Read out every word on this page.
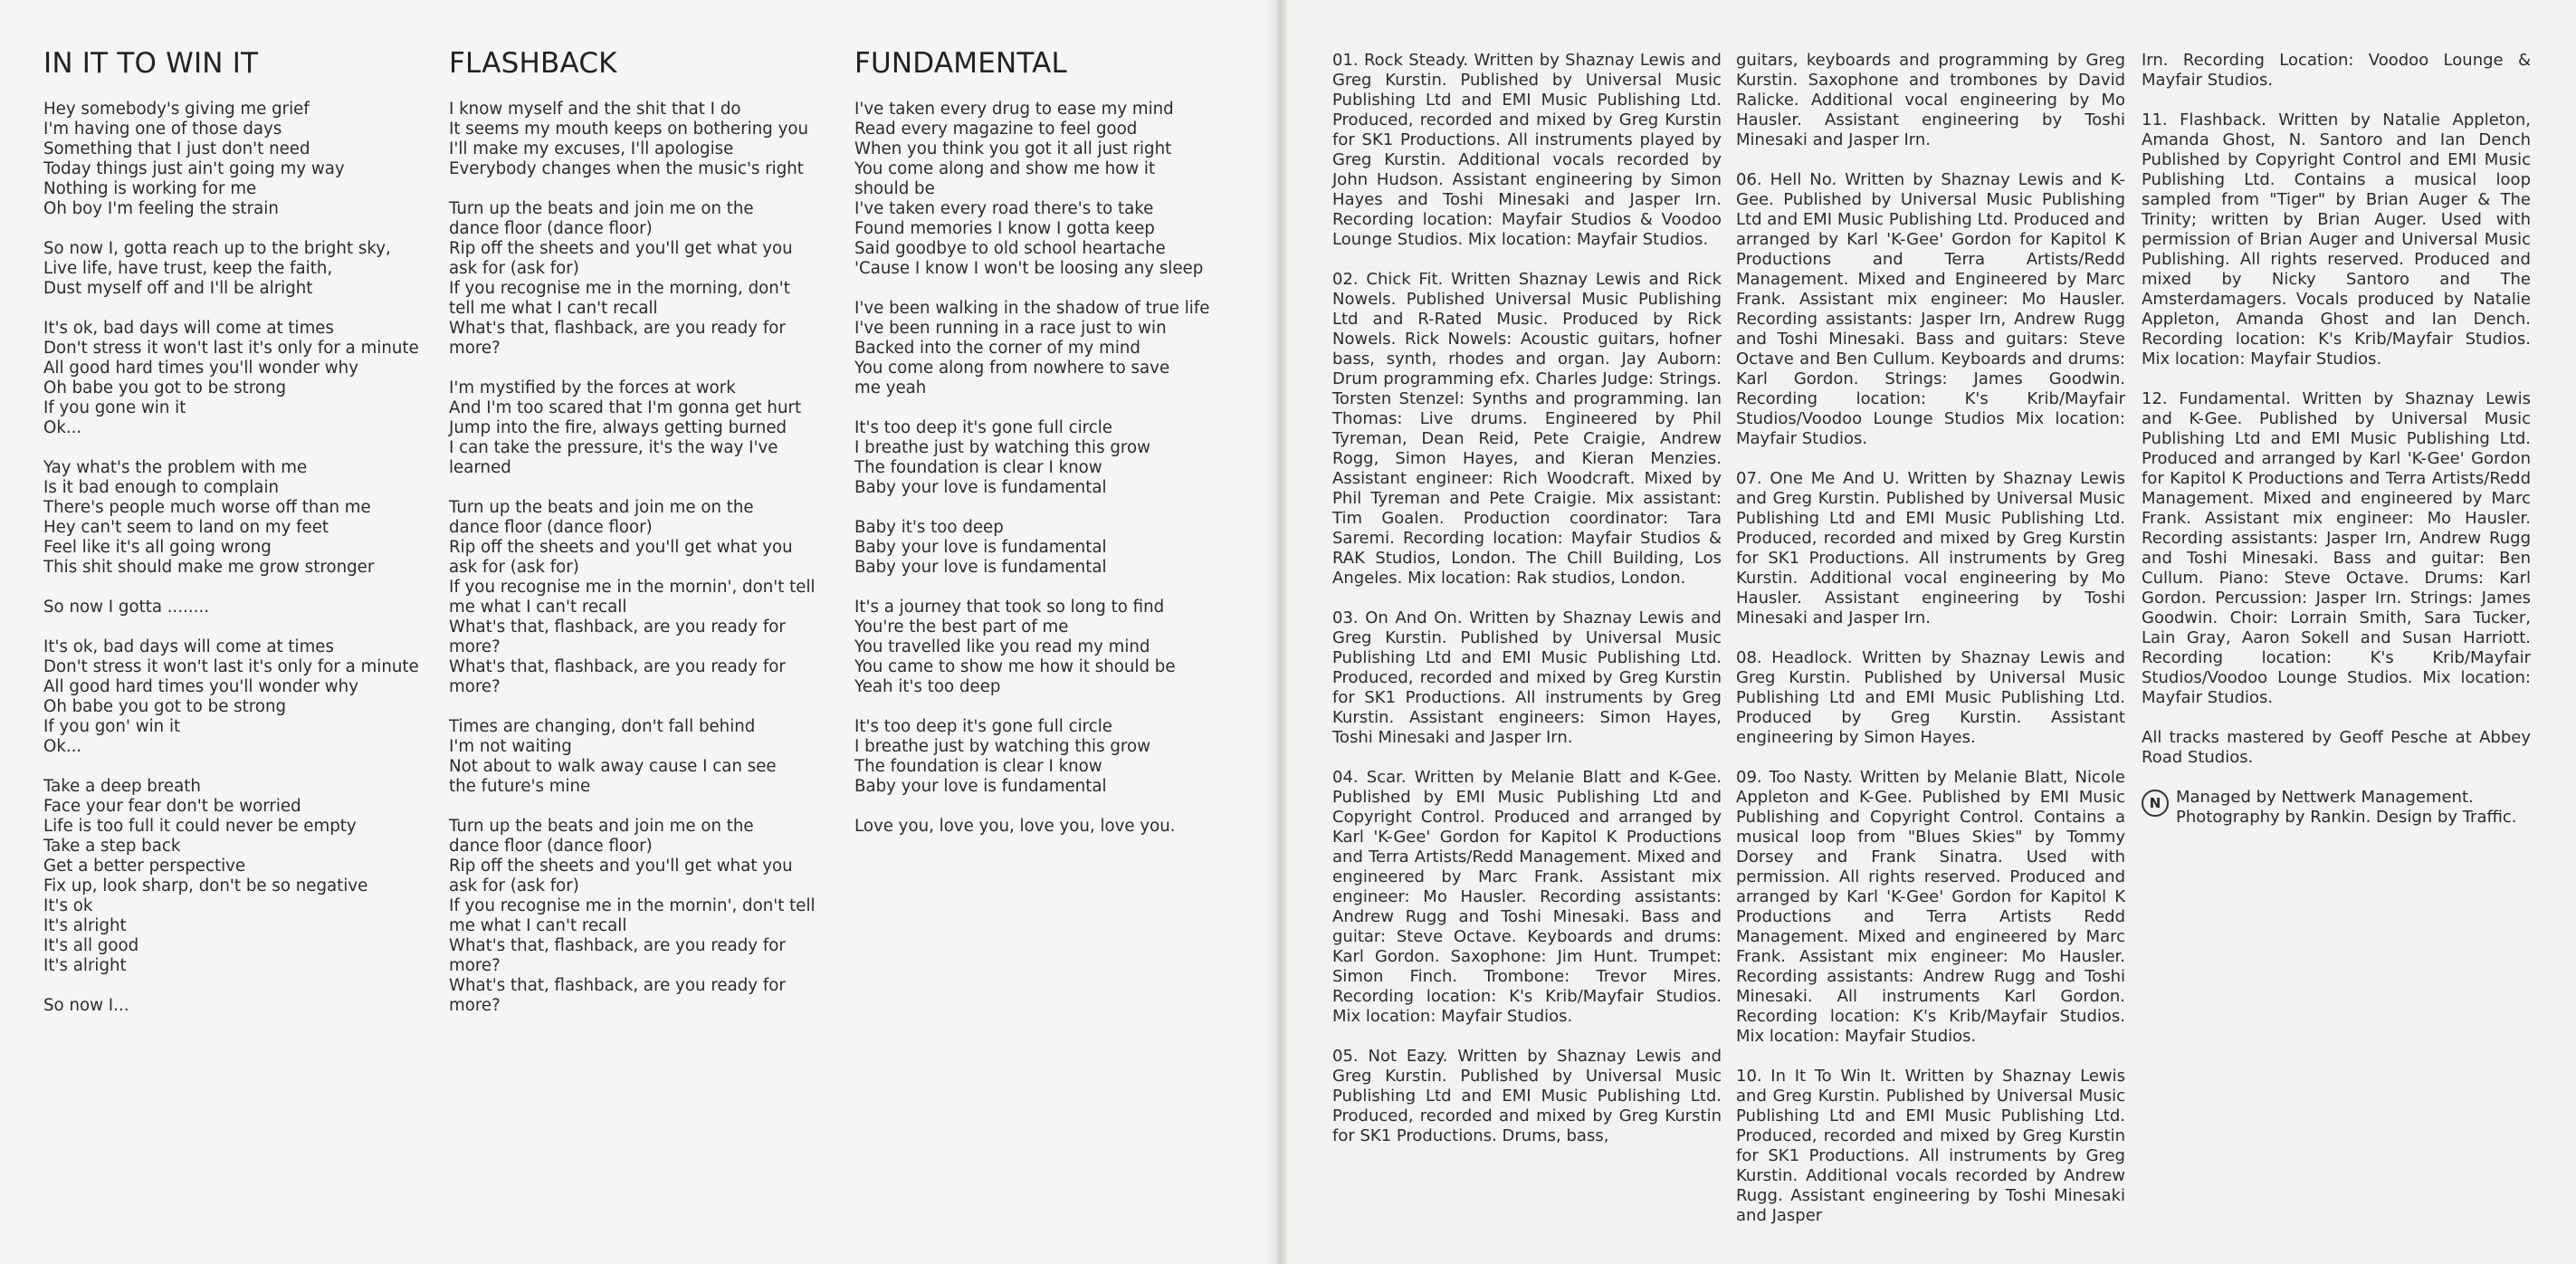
IN IT TO WIN IT
Hey somebody's giving me grief
I'm having one of those days
Something that I just don't need
Today things just ain't going my way
Nothing is working for me
Oh boy I'm feeling the strain
So now I, gotta reach up to the bright sky,
Live life, have trust, keep the faith,
Dust myself off and I'll be alright
It's ok, bad days will come at times
Don't stress it won't last it's only for a minute
All good hard times you'll wonder why
Oh babe you got to be strong
If you gone win it
Ok...
Yay what's the problem with me
Is it bad enough to complain
There's people much worse off than me
Hey can't seem to land on my feet
Feel like it's all going wrong
This shit should make me grow stronger
So now I gotta ........
It's ok, bad days will come at times
Don't stress it won't last it's only for a minute
All good hard times you'll wonder why
Oh babe you got to be strong
If you gon' win it
Ok...
Take a deep breath
Face your fear don't be worried
Life is too full it could never be empty
Take a step back
Get a better perspective
Fix up, look sharp, don't be so negative
It's ok
It's alright
It's all good
It's alright
So now I...
FLASHBACK
I know myself and the shit that I do
It seems my mouth keeps on bothering you
I'll make my excuses, I'll apologise
Everybody changes when the music's right
Turn up the beats and join me on the
dance floor (dance floor)
Rip off the sheets and you'll get what you
ask for (ask for)
If you recognise me in the morning, don't
tell me what I can't recall
What's that, flashback, are you ready for
more?
I'm mystified by the forces at work
And I'm too scared that I'm gonna get hurt
Jump into the fire, always getting burned
I can take the pressure, it's the way I've
learned
Turn up the beats and join me on the
dance floor (dance floor)
Rip off the sheets and you'll get what you
ask for (ask for)
If you recognise me in the mornin', don't tell
me what I can't recall
What's that, flashback, are you ready for
more?
What's that, flashback, are you ready for
more?
Times are changing, don't fall behind
I'm not waiting
Not about to walk away cause I can see
the future's mine
Turn up the beats and join me on the
dance floor (dance floor)
Rip off the sheets and you'll get what you
ask for (ask for)
If you recognise me in the mornin', don't tell
me what I can't recall
What's that, flashback, are you ready for
more?
What's that, flashback, are you ready for
more?
FUNDAMENTAL
I've taken every drug to ease my mind
Read every magazine to feel good
When you think you got it all just right
You come along and show me how it
should be
I've taken every road there's to take
Found memories I know I gotta keep
Said goodbye to old school heartache
'Cause I know I won't be loosing any sleep
I've been walking in the shadow of true life
I've been running in a race just to win
Backed into the corner of my mind
You come along from nowhere to save
me yeah
It's too deep it's gone full circle
I breathe just by watching this grow
The foundation is clear I know
Baby your love is fundamental
Baby it's too deep
Baby your love is fundamental
Baby your love is fundamental
It's a journey that took so long to find
You're the best part of me
You travelled like you read my mind
You came to show me how it should be
Yeah it's too deep
It's too deep it's gone full circle
I breathe just by watching this grow
The foundation is clear I know
Baby your love is fundamental
Love you, love you, love you, love you.
01. Rock Steady. Written by Shaznay Lewis and Greg Kurstin. Published by Universal Music Publishing Ltd and EMI Music Publishing Ltd. Produced, recorded and mixed by Greg Kurstin for SK1 Productions. All instruments played by Greg Kurstin. Additional vocals recorded by John Hudson. Assistant engineering by Simon Hayes and Toshi Minesaki and Jasper Irn. Recording location: Mayfair Studios & Voodoo Lounge Studios. Mix location: Mayfair Studios.
02. Chick Fit. Written Shaznay Lewis and Rick Nowels. Published Universal Music Publishing Ltd and R-Rated Music. Produced by Rick Nowels. Rick Nowels: Acoustic guitars, hofner bass, synth, rhodes and organ. Jay Auborn: Drum programming efx. Charles Judge: Strings. Torsten Stenzel: Synths and programming. Ian Thomas: Live drums. Engineered by Phil Tyreman, Dean Reid, Pete Craigie, Andrew Rogg, Simon Hayes, and Kieran Menzies. Assistant engineer: Rich Woodcraft. Mixed by Phil Tyreman and Pete Craigie. Mix assistant: Tim Goalen. Production coordinator: Tara Saremi. Recording location: Mayfair Studios & RAK Studios, London. The Chill Building, Los Angeles. Mix location: Rak studios, London.
03. On And On. Written by Shaznay Lewis and Greg Kurstin. Published by Universal Music Publishing Ltd and EMI Music Publishing Ltd. Produced, recorded and mixed by Greg Kurstin for SK1 Productions. All instruments by Greg Kurstin. Assistant engineers: Simon Hayes, Toshi Minesaki and Jasper Irn.
04. Scar. Written by Melanie Blatt and K-Gee. Published by EMI Music Publishing Ltd and Copyright Control. Produced and arranged by Karl 'K-Gee' Gordon for Kapitol K Productions and Terra Artists/Redd Management. Mixed and engineered by Marc Frank. Assistant mix engineer: Mo Hausler. Recording assistants: Andrew Rugg and Toshi Minesaki. Bass and guitar: Steve Octave. Keyboards and drums: Karl Gordon. Saxophone: Jim Hunt. Trumpet: Simon Finch. Trombone: Trevor Mires. Recording location: K's Krib/Mayfair Studios. Mix location: Mayfair Studios.
05. Not Eazy. Written by Shaznay Lewis and Greg Kurstin. Published by Universal Music Publishing Ltd and EMI Music Publishing Ltd. Produced, recorded and mixed by Greg Kurstin for SK1 Productions. Drums, bass,
guitars, keyboards and programming by Greg Kurstin. Saxophone and trombones by David Ralicke. Additional vocal engineering by Mo Hausler. Assistant engineering by Toshi Minesaki and Jasper Irn.
06. Hell No. Written by Shaznay Lewis and K-Gee. Published by Universal Music Publishing Ltd and EMI Music Publishing Ltd. Produced and arranged by Karl 'K-Gee' Gordon for Kapitol K Productions and Terra Artists/Redd Management. Mixed and Engineered by Marc Frank. Assistant mix engineer: Mo Hausler. Recording assistants: Jasper Irn, Andrew Rugg and Toshi Minesaki. Bass and guitars: Steve Octave and Ben Cullum. Keyboards and drums: Karl Gordon. Strings: James Goodwin. Recording location: K's Krib/Mayfair Studios/Voodoo Lounge Studios Mix location: Mayfair Studios.
07. One Me And U. Written by Shaznay Lewis and Greg Kurstin. Published by Universal Music Publishing Ltd and EMI Music Publishing Ltd. Produced, recorded and mixed by Greg Kurstin for SK1 Productions. All instruments by Greg Kurstin. Additional vocal engineering by Mo Hausler. Assistant engineering by Toshi Minesaki and Jasper Irn.
08. Headlock. Written by Shaznay Lewis and Greg Kurstin. Published by Universal Music Publishing Ltd and EMI Music Publishing Ltd. Produced by Greg Kurstin. Assistant engineering by Simon Hayes.
09. Too Nasty. Written by Melanie Blatt, Nicole Appleton and K-Gee. Published by EMI Music Publishing and Copyright Control. Contains a musical loop from "Blues Skies" by Tommy Dorsey and Frank Sinatra. Used with permission. All rights reserved. Produced and arranged by Karl 'K-Gee' Gordon for Kapitol K Productions and Terra Artists Redd Management. Mixed and engineered by Marc Frank. Assistant mix engineer: Mo Hausler. Recording assistants: Andrew Rugg and Toshi Minesaki. All instruments Karl Gordon. Recording location: K's Krib/Mayfair Studios. Mix location: Mayfair Studios.
10. In It To Win It. Written by Shaznay Lewis and Greg Kurstin. Published by Universal Music Publishing Ltd and EMI Music Publishing Ltd. Produced, recorded and mixed by Greg Kurstin for SK1 Productions. All instruments by Greg Kurstin. Additional vocals recorded by Andrew Rugg. Assistant engineering by Toshi Minesaki and Jasper
Irn. Recording Location: Voodoo Lounge & Mayfair Studios.
11. Flashback. Written by Natalie Appleton, Amanda Ghost, N. Santoro and Ian Dench Published by Copyright Control and EMI Music Publishing Ltd. Contains a musical loop sampled from "Tiger" by Brian Auger & The Trinity; written by Brian Auger. Used with permission of Brian Auger and Universal Music Publishing. All rights reserved. Produced and mixed by Nicky Santoro and The Amsterdamagers. Vocals produced by Natalie Appleton, Amanda Ghost and Ian Dench. Recording location: K's Krib/Mayfair Studios. Mix location: Mayfair Studios.
12. Fundamental. Written by Shaznay Lewis and K-Gee. Published by Universal Music Publishing Ltd and EMI Music Publishing Ltd. Produced and arranged by Karl 'K-Gee' Gordon for Kapitol K Productions and Terra Artists/Redd Management. Mixed and engineered by Marc Frank. Assistant mix engineer: Mo Hausler. Recording assistants: Jasper Irn, Andrew Rugg and Toshi Minesaki. Bass and guitar: Ben Cullum. Piano: Steve Octave. Drums: Karl Gordon. Percussion: Jasper Irn. Strings: James Goodwin. Choir: Lorrain Smith, Sara Tucker, Lain Gray, Aaron Sokell and Susan Harriott. Recording location: K's Krib/Mayfair Studios/Voodoo Lounge Studios. Mix location: Mayfair Studios.
All tracks mastered by Geoff Pesche at Abbey Road Studios.
N Managed by Nettwerk Management. Photography by Rankin. Design by Traffic.
